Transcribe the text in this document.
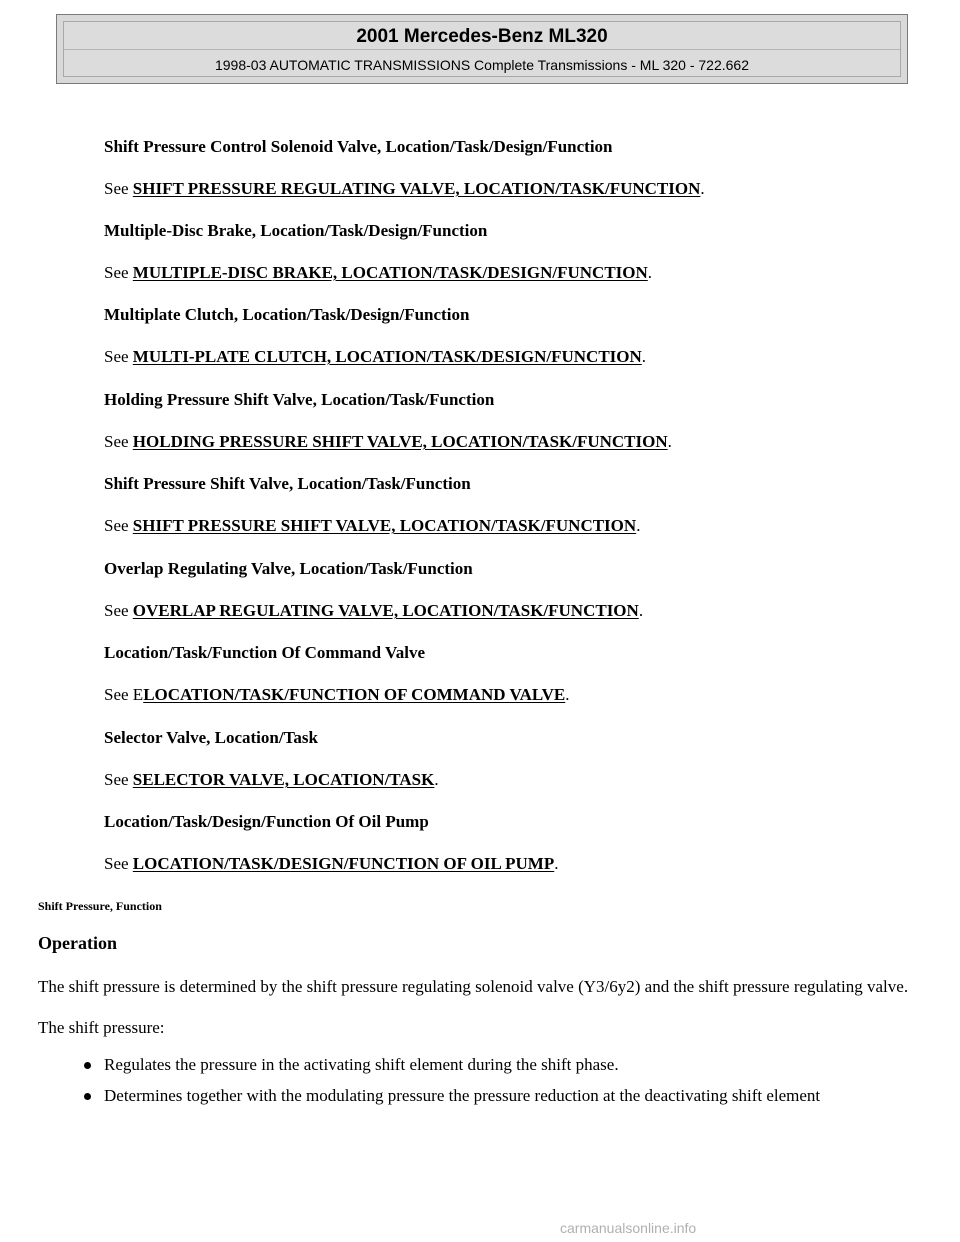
2001 Mercedes-Benz ML320
1998-03 AUTOMATIC TRANSMISSIONS Complete Transmissions - ML 320 - 722.662
Shift Pressure Control Solenoid Valve, Location/Task/Design/Function
See SHIFT PRESSURE REGULATING VALVE, LOCATION/TASK/FUNCTION.
Multiple-Disc Brake, Location/Task/Design/Function
See MULTIPLE-DISC BRAKE, LOCATION/TASK/DESIGN/FUNCTION.
Multiplate Clutch, Location/Task/Design/Function
See MULTI-PLATE CLUTCH, LOCATION/TASK/DESIGN/FUNCTION.
Holding Pressure Shift Valve, Location/Task/Function
See HOLDING PRESSURE SHIFT VALVE, LOCATION/TASK/FUNCTION.
Shift Pressure Shift Valve, Location/Task/Function
See SHIFT PRESSURE SHIFT VALVE, LOCATION/TASK/FUNCTION.
Overlap Regulating Valve, Location/Task/Function
See OVERLAP REGULATING VALVE, LOCATION/TASK/FUNCTION.
Location/Task/Function Of Command Valve
See ELOCATION/TASK/FUNCTION OF COMMAND VALVE.
Selector Valve, Location/Task
See SELECTOR VALVE, LOCATION/TASK.
Location/Task/Design/Function Of Oil Pump
See LOCATION/TASK/DESIGN/FUNCTION OF OIL PUMP.
Shift Pressure, Function
Operation
The shift pressure is determined by the shift pressure regulating solenoid valve (Y3/6y2) and the shift pressure regulating valve.
The shift pressure:
Regulates the pressure in the activating shift element during the shift phase.
Determines together with the modulating pressure the pressure reduction at the deactivating shift element
carmanualsonline.info
